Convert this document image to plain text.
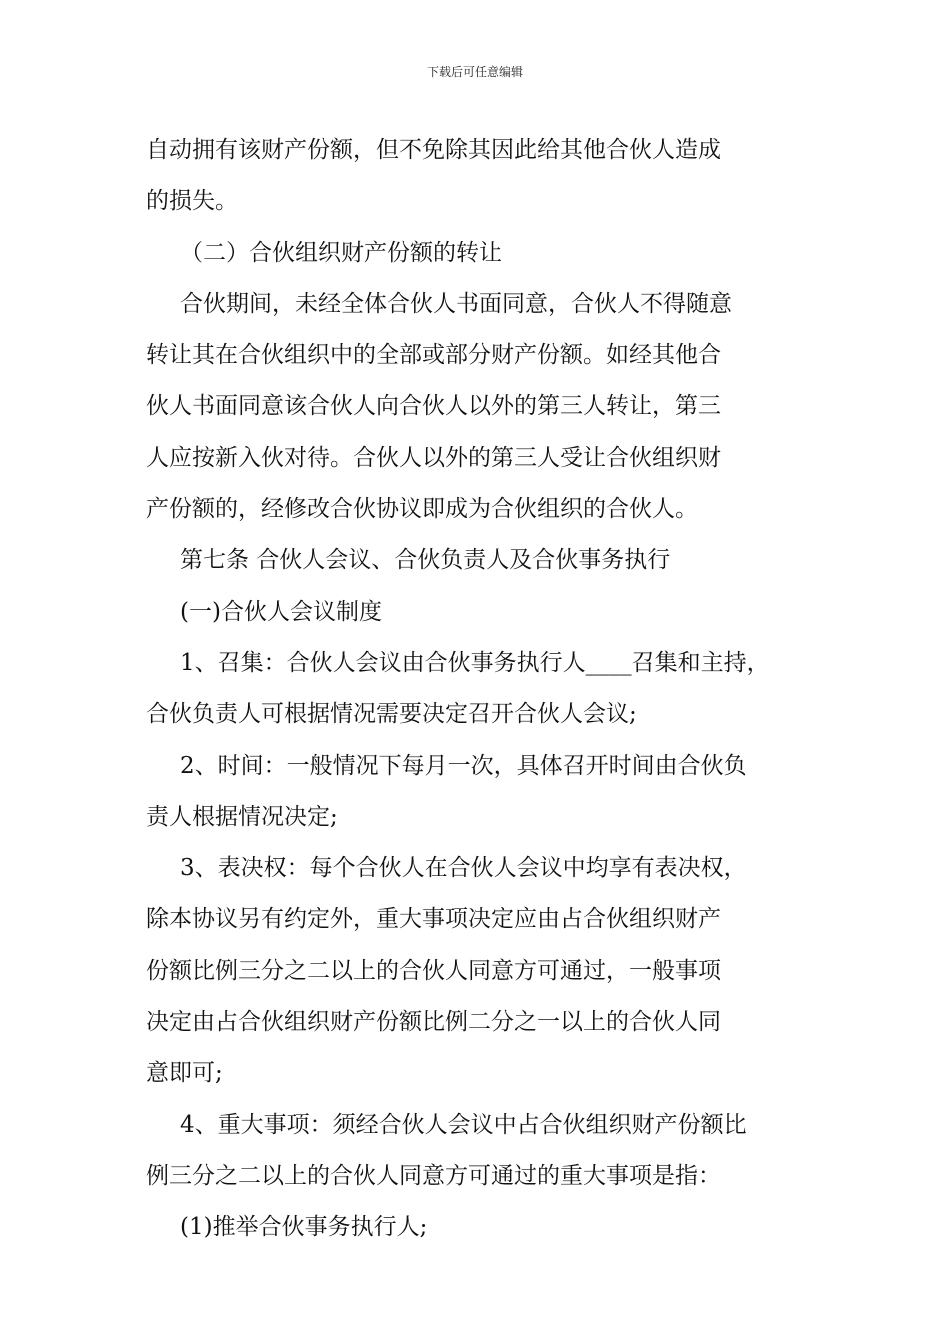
下载后可任意编辑
自动拥有该财产份额，但不免除其因此给其他合伙人造成
的损失。
（二）合伙组织财产份额的转让
合伙期间，未经全体合伙人书面同意，合伙人不得随意
转让其在合伙组织中的全部或部分财产份额。如经其他合
伙人书面同意该合伙人向合伙人以外的第三人转让，第三
人应按新入伙对待。合伙人以外的第三人受让合伙组织财
产份额的，经修改合伙协议即成为合伙组织的合伙人。
第七条 合伙人会议、合伙负责人及合伙事务执行
(一)合伙人会议制度
1、召集：合伙人会议由合伙事务执行人____召集和主持，
合伙负责人可根据情况需要决定召开合伙人会议;
2、时间：一般情况下每月一次，具体召开时间由合伙负
责人根据情况决定;
3、表决权：每个合伙人在合伙人会议中均享有表决权，
除本协议另有约定外，重大事项决定应由占合伙组织财产
份额比例三分之二以上的合伙人同意方可通过，一般事项
决定由占合伙组织财产份额比例二分之一以上的合伙人同
意即可;
4、重大事项：须经合伙人会议中占合伙组织财产份额比
例三分之二以上的合伙人同意方可通过的重大事项是指：
(1)推举合伙事务执行人;
